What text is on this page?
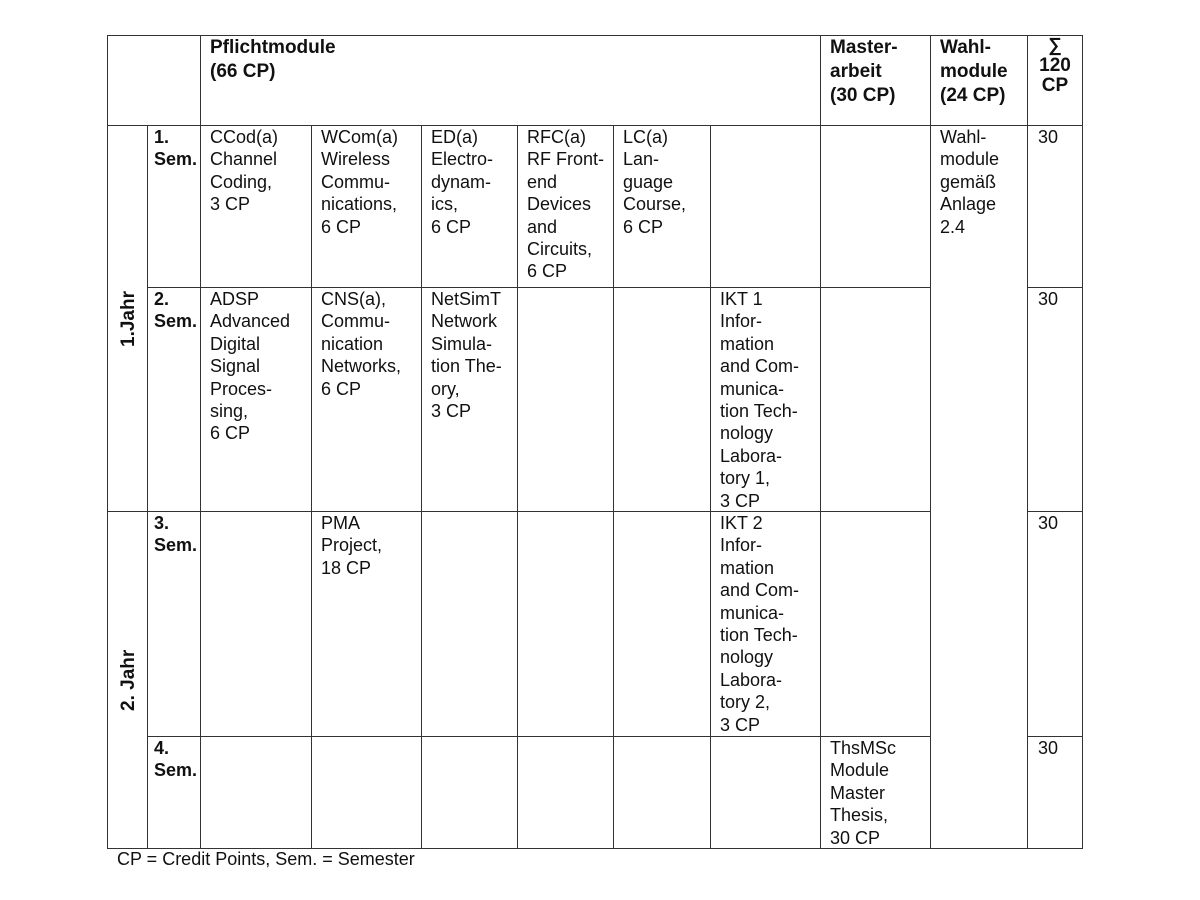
Pflichtmodule
(66 CP)
Master-
arbeit
(30 CP)
Wahl-
module
(24 CP)
∑
120
CP
1.Jahr
2. Jahr
Wahl-
module
gemäß
Anlage
2.4
1.
Sem.
CCod(a)
Channel
Coding,
3 CP
WCom(a)
Wireless
Commu-
nications,
6 CP
ED(a)
Electro-
dynam-
ics,
6 CP
RFC(a)
RF Front-
end
Devices
and
Circuits,
6 CP
LC(a)
Lan-
guage
Course,
6 CP
30
2.
Sem.
ADSP
Advanced
Digital
Signal
Proces-
sing,
6 CP
CNS(a),
Commu-
nication
Networks,
6 CP
NetSimT
Network
Simula-
tion The-
ory,
3 CP
IKT 1
Infor-
mation
and Com-
munica-
tion Tech-
nology
Labora-
tory 1,
3 CP
30
3.
Sem.
PMA
Project,
18 CP
IKT 2
Infor-
mation
and Com-
munica-
tion Tech-
nology
Labora-
tory 2,
3 CP
30
4.
Sem.
ThsMSc
Module
Master
Thesis,
30 CP
30
CP = Credit Points, Sem. = Semester
